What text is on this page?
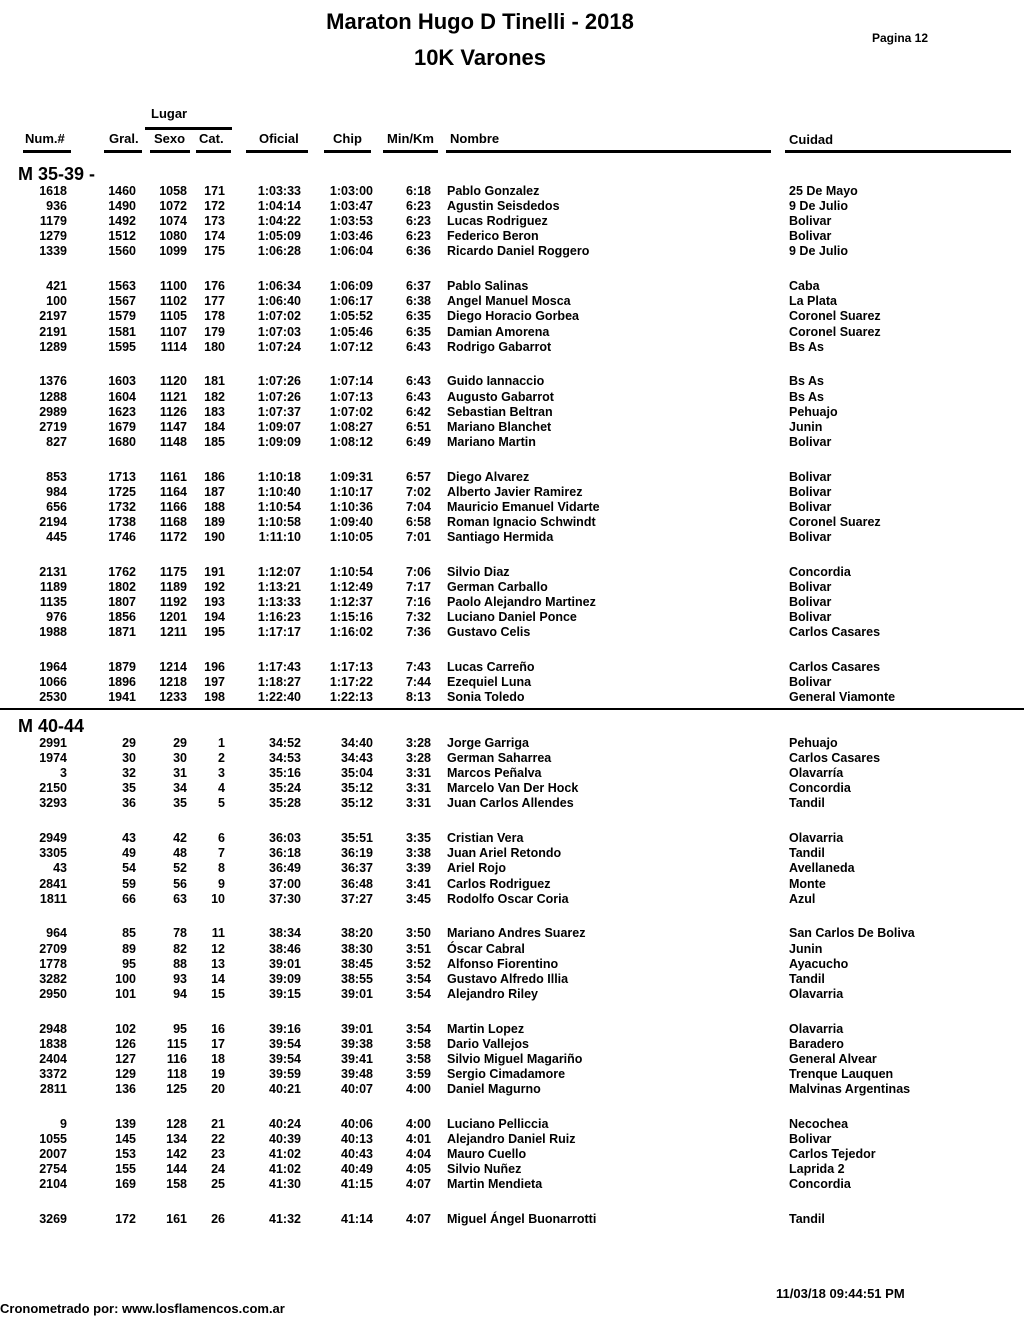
Maraton Hugo D Tinelli - 2018
10K Varones
Pagina 12
Lugar
Num.#	Gral. Sexo Cat.	Oficial	Chip Min/Km Nombre	Cuidad
M 35-39 -
M 40-44
1618	1460	1058	171	1:03:33	1:03:00	6:18 Pablo Gonzalez	25 De Mayo
936	1490	1072	172	1:04:14	1:03:47	6:23 Agustin Seisdedos	9 De Julio
1179	1492	1074	173	1:04:22	1:03:53	6:23 Lucas Rodriguez	Bolivar
1279	1512	1080	174	1:05:09	1:03:46	6:23 Federico Beron	Bolivar
1339	1560	1099	175	1:06:28	1:06:04	6:36 Ricardo Daniel Roggero	9 De Julio
421	1563	1100	176	1:06:34	1:06:09	6:37 Pablo Salinas	Caba
100	1567	1102	177	1:06:40	1:06:17	6:38 Angel Manuel Mosca	La Plata
2197	1579	1105	178	1:07:02	1:05:52	6:35 Diego Horacio Gorbea	Coronel Suarez
2191	1581	1107	179	1:07:03	1:05:46	6:35 Damian Amorena	Coronel Suarez
1289	1595	1114	180	1:07:24	1:07:12	6:43 Rodrigo Gabarrot	Bs As
1376	1603	1120	181	1:07:26	1:07:14	6:43 Guido Iannaccio	Bs As
1288	1604	1121	182	1:07:26	1:07:13	6:43 Augusto Gabarrot	Bs As
2989	1623	1126	183	1:07:37	1:07:02	6:42 Sebastian Beltran	Pehuajo
2719	1679	1147	184	1:09:07	1:08:27	6:51 Mariano Blanchet	Junin
827	1680	1148	185	1:09:09	1:08:12	6:49 Mariano Martin	Bolivar
853	1713	1161	186	1:10:18	1:09:31	6:57 Diego Alvarez	Bolivar
984	1725	1164	187	1:10:40	1:10:17	7:02 Alberto Javier Ramirez	Bolivar
656	1732	1166	188	1:10:54	1:10:36	7:04 Mauricio Emanuel Vidarte	Bolivar
2194	1738	1168	189	1:10:58	1:09:40	6:58 Roman Ignacio Schwindt	Coronel Suarez
445	1746	1172	190	1:11:10	1:10:05	7:01 Santiago Hermida	Bolivar
2131	1762	1175	191	1:12:07	1:10:54	7:06 Silvio Diaz	Concordia
1189	1802	1189	192	1:13:21	1:12:49	7:17 German Carballo	Bolivar
1135	1807	1192	193	1:13:33	1:12:37	7:16 Paolo Alejandro Martinez	Bolivar
976	1856	1201	194	1:16:23	1:15:16	7:32 Luciano Daniel Ponce	Bolivar
1988	1871	1211	195	1:17:17	1:16:02	7:36 Gustavo Celis	Carlos Casares
1964	1879	1214	196	1:17:43	1:17:13	7:43 Lucas Carreño	Carlos Casares
1066	1896	1218	197	1:18:27	1:17:22	7:44 Ezequiel Luna	Bolivar
2530	1941	1233	198	1:22:40	1:22:13	8:13 Sonia Toledo	General Viamonte
2991	29	29	1	34:52	34:40	3:28 Jorge Garriga	Pehuajo
1974	30	30	2	34:53	34:43	3:28 German Saharrea	Carlos Casares
3	32	31	3	35:16	35:04	3:31 Marcos Peñalva	Olavarría
2150	35	34	4	35:24	35:12	3:31 Marcelo Van Der Hock	Concordia
3293	36	35	5	35:28	35:12	3:31 Juan Carlos Allendes	Tandil
2949	43	42	6	36:03	35:51	3:35 Cristian Vera	Olavarria
3305	49	48	7	36:18	36:19	3:38 Juan Ariel Retondo	Tandil
43	54	52	8	36:49	36:37	3:39 Ariel Rojo	Avellaneda
2841	59	56	9	37:00	36:48	3:41 Carlos Rodriguez	Monte
1811	66	63	10	37:30	37:27	3:45 Rodolfo Oscar Coria	Azul
964	85	78	11	38:34	38:20	3:50 Mariano Andres Suarez	San Carlos De Boliva
2709	89	82	12	38:46	38:30	3:51 Óscar Cabral	Junin
1778	95	88	13	39:01	38:45	3:52 Alfonso Fiorentino	Ayacucho
3282	100	93	14	39:09	38:55	3:54 Gustavo Alfredo Illia	Tandil
2950	101	94	15	39:15	39:01	3:54 Alejandro Riley	Olavarria
2948	102	95	16	39:16	39:01	3:54 Martin Lopez	Olavarria
1838	126	115	17	39:54	39:38	3:58 Dario Vallejos	Baradero
2404	127	116	18	39:54	39:41	3:58 Silvio Miguel Magariño	General Alvear
3372	129	118	19	39:59	39:48	3:59 Sergio Cimadamore	Trenque Lauquen
2811	136	125	20	40:21	40:07	4:00 Daniel Magurno	Malvinas Argentinas
9	139	128	21	40:24	40:06	4:00 Luciano Pelliccia	Necochea
1055	145	134	22	40:39	40:13	4:01 Alejandro Daniel Ruiz	Bolivar
2007	153	142	23	41:02	40:43	4:04 Mauro Cuello	Carlos Tejedor
2754	155	144	24	41:02	40:49	4:05 Silvio Nuñez	Laprida 2
2104	169	158	25	41:30	41:15	4:07 Martin Mendieta	Concordia
3269	172	161	26	41:32	41:14	4:07 Miguel Ángel Buonarrotti	Tandil
Cronometrado por: www.losflamencos.com.ar
11/03/18 09:44:51 PM
